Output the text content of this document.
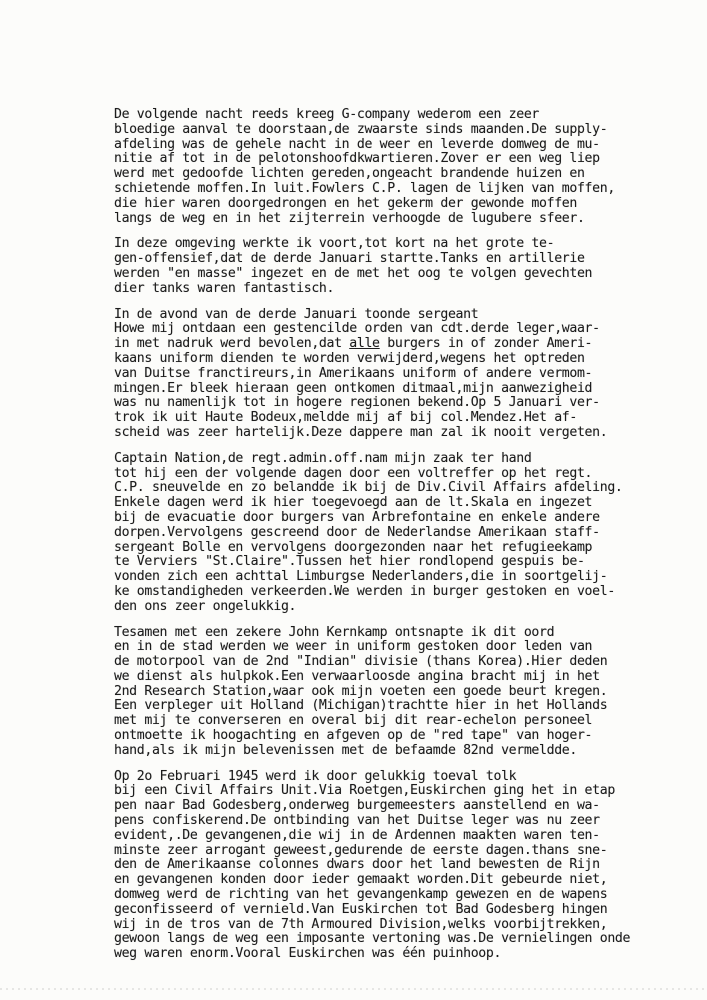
De volgende nacht reeds kreeg G-company wederom een zeer
bloedige aanval te doorstaan,de zwaarste sinds maanden.De supply-
afdeling was de gehele nacht in de weer en leverde domweg de mu-
nitie af tot in de pelotonshoofdkwartieren.Zover er een weg liep
werd met gedoofde lichten gereden,ongeacht brandende huizen en
schietende moffen.In luit.Fowlers C.P. lagen de lijken van moffen,
die hier waren doorgedrongen en het gekerm der gewonde moffen
langs de weg en in het zijterrein verhoogde de lugubere sfeer.
In deze omgeving werkte ik voort,tot kort na het grote te-
gen-offensief,dat de derde Januari startte.Tanks en artillerie
werden "en masse" ingezet en de met het oog te volgen gevechten
dier tanks waren fantastisch.
In de avond van de derde Januari toonde sergeant
Howe mij ontdaan een gestencilde orden van cdt.derde leger,waar-
in met nadruk werd bevolen,dat alle burgers in of zonder Ameri-
kaans uniform dienden te worden verwijderd,wegens het optreden
van Duitse franctireurs,in Amerikaans uniform of andere vermom-
mingen.Er bleek hieraan geen ontkomen ditmaal,mijn aanwezigheid
was nu namenlijk tot in hogere regionen bekend.Op 5 Januari ver-
trok ik uit Haute Bodeux,meldde mij af bij col.Mendez.Het af-
scheid was zeer hartelijk.Deze dappere man zal ik nooit vergeten.
Captain Nation,de regt.admin.off.nam mijn zaak ter hand
tot hij een der volgende dagen door een voltreffer op het regt.
C.P. sneuvelde en zo belandde ik bij de Div.Civil Affairs afdeling.
Enkele dagen werd ik hier toegevoegd aan de lt.Skala en ingezet
bij de evacuatie door burgers van Arbrefontaine en enkele andere
dorpen.Vervolgens gescreend door de Nederlandse Amerikaan staff-
sergeant Bolle en vervolgens doorgezonden naar het refugieekamp
te Verviers "St.Claire".Tussen het hier rondlopend gespuis be-
vonden zich een achttal Limburgse Nederlanders,die in soortgelij-
ke omstandigheden verkeerden.We werden in burger gestoken en voel-
den ons zeer ongelukkig.
Tesamen met een zekere John Kernkamp ontsnapte ik dit oord
en in de stad werden we weer in uniform gestoken door leden van
de motorpool van de 2nd "Indian" divisie (thans Korea).Hier deden
we dienst als hulpkok.Een verwaarloosde angina bracht mij in het
2nd Research Station,waar ook mijn voeten een goede beurt kregen.
Een verpleger uit Holland (Michigan)trachtte hier in het Hollands
met mij te converseren en overal bij dit rear-echelon personeel
ontmoette ik hoogachting en afgeven op de "red tape" van hoger-
hand,als ik mijn belevenissen met de befaamde 82nd vermeldde.
Op 2o Februari 1945 werd ik door gelukkig toeval tolk
bij een Civil Affairs Unit.Via Roetgen,Euskirchen ging het in etap
pen naar Bad Godesberg,onderweg burgemeesters aanstellend en wa-
pens confiskerend.De ontbinding van het Duitse leger was nu zeer
evident,.De gevangenen,die wij in de Ardennen maakten waren ten-
minste zeer arrogant geweest,gedurende de eerste dagen.thans sne-
den de Amerikaanse colonnes dwars door het land bewesten de Rijn
en gevangenen konden door ieder gemaakt worden.Dit gebeurde niet,
domweg werd de richting van het gevangenkamp gewezen en de wapens
geconfisseerd of vernield.Van Euskirchen tot Bad Godesberg hingen
wij in de tros van de 7th Armoured Division,welks voorbijtrekken,
gewoon langs de weg een imposante vertoning was.De vernielingen onde
weg waren enorm.Vooral Euskirchen was één puinhoop.
